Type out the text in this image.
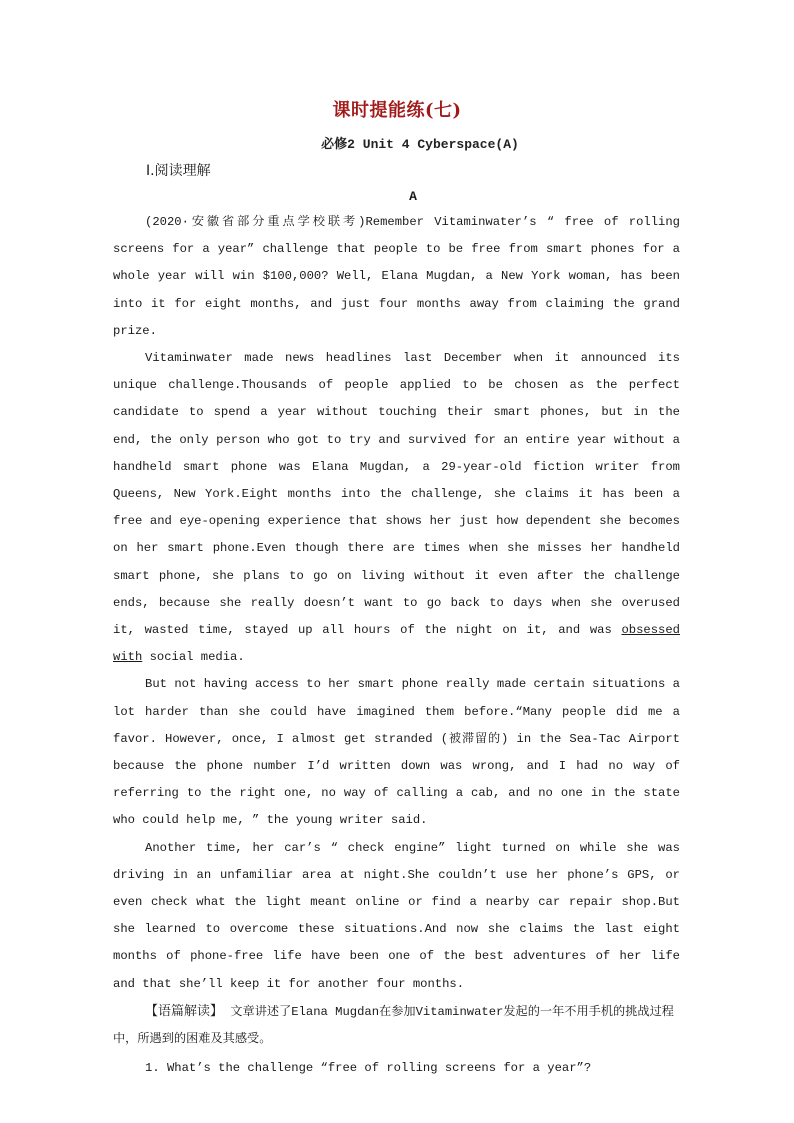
课时提能练(七)
必修2 Unit 4 Cyberspace(A)
Ⅰ.阅读理解
A

(2020·安徽省部分重点学校联考)Remember Vitaminwater’s “ free of rolling screens for a year” challenge that people to be free from smart phones for a whole year will win $100,000? Well, Elana Mugdan, a New York woman, has been into it for eight months, and just four months away from claiming the grand prize.

Vitaminwater made news headlines last December when it announced its unique challenge.Thousands of people applied to be chosen as the perfect candidate to spend a year without touching their smart phones, but in the end, the only person who got to try and survived for an entire year without a handheld smart phone was Elana Mugdan, a 29-year-old fiction writer from Queens, New York.Eight months into the challenge, she claims it has been a free and eye-opening experience that shows her just how dependent she becomes on her smart phone.Even though there are times when she misses her handheld smart phone, she plans to go on living without it even after the challenge ends, because she really doesn’t want to go back to days when she overused it, wasted time, stayed up all hours of the night on it, and was obsessed with social media.

But not having access to her smart phone really made certain situations a lot harder than she could have imagined them before.“Many people did me a favor. However, once, I almost get stranded (被滞留的) in the Sea-Tac Airport because the phone number I’d written down was wrong, and I had no way of referring to the right one, no way of calling a cab, and no one in the state who could help me, ” the young writer said.

Another time, her car’s “ check engine” light turned on while she was driving in an unfamiliar area at night.She couldn’t use her phone’s GPS, or even check what the light meant online or find a nearby car repair shop.But she learned to overcome these situations.And now she claims the last eight months of phone-free life have been one of the best adventures of her life and that she’ll keep it for another four months.

【语篇解读】 文章讲述了Elana Mugdan在参加Vitaminwater发起的一年不用手机的挑战过程中，所遇到的困难及其感受。
1. What’s the challenge “free of rolling screens for a year”?
